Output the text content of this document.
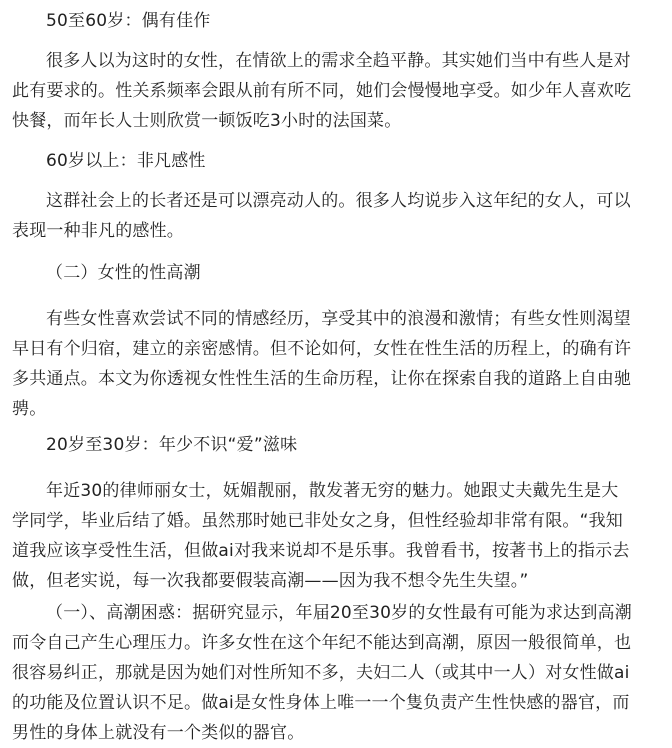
50至60岁：偶有佳作
很多人以为这时的女性，在情欲上的需求全趋平静。其实她们当中有些人是对
此有要求的。性关系频率会跟从前有所不同，她们会慢慢地享受。如少年人喜欢吃
快餐，而年长人士则欣赏一顿饭吃3小时的法国菜。
60岁以上：非凡感性
这群社会上的长者还是可以漂亮动人的。很多人均说步入这年纪的女人，可以
表现一种非凡的感性。
（二）女性的性高潮
有些女性喜欢尝试不同的情感经历，享受其中的浪漫和激情；有些女性则渴望
早日有个归宿，建立的亲密感情。但不论如何，女性在性生活的历程上，的确有许
多共通点。本文为你透视女性性生活的生命历程，让你在探索自我的道路上自由驰
骋。
20岁至30岁：年少不识“爱”滋味
年近30的律师丽女士，妩媚靓丽，散发著无穷的魅力。她跟丈夫戴先生是大
学同学，毕业后结了婚。虽然那时她已非处女之身，但性经验却非常有限。“我知
道我应该享受性生活，但做ai对我来说却不是乐事。我曾看书，按著书上的指示去
做，但老实说，每一次我都要假装高潮——因为我不想令先生失望。”
（一）、高潮困惑：据研究显示，年届20至30岁的女性最有可能为求达到高潮
而令自己产生心理压力。许多女性在这个年纪不能达到高潮，原因一般很简单，也
很容易纠正，那就是因为她们对性所知不多，夫妇二人（或其中一人）对女性做ai
的功能及位置认识不足。做ai是女性身体上唯一一个隻负责产生性快感的器官，而
男性的身体上就没有一个类似的器官。
